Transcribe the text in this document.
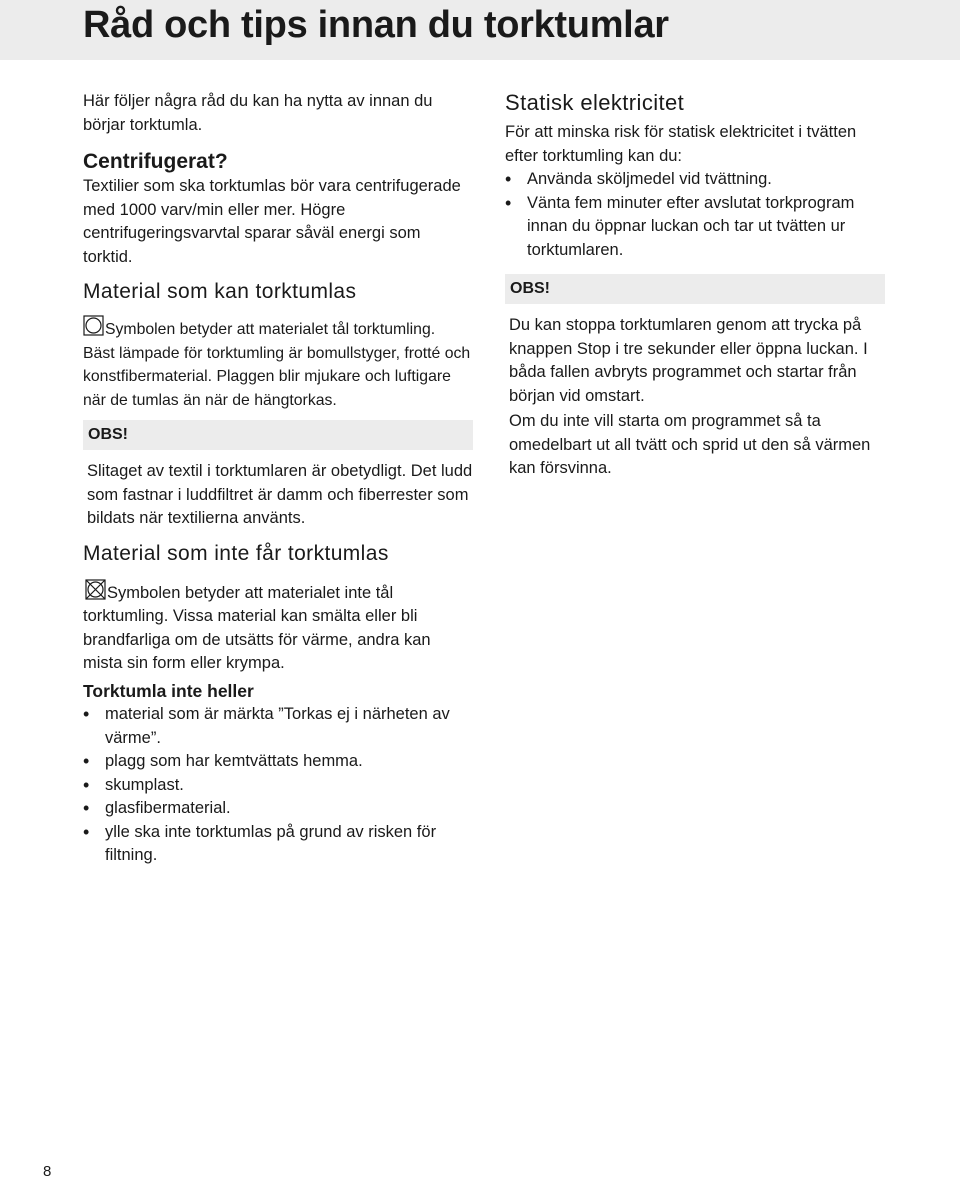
Råd och tips innan du torktumlar

Här följer några råd du kan ha nytta av innan du börjar torktumla.

Centrifugerat?

Textilier som ska torktumlas bör vara centrifugerade med 1000 varv/min eller mer. Högre centrifugeringsvarvtal sparar såväl energi som torktid.

Material som kan torktumlas

Symbolen betyder att materialet tål torktumling.

Bäst lämpade för torktumling är bomullstyger, frotté och konstfibermaterial. Plaggen blir mjukare och luftigare när de tumlas än när de hängtorkas.

OBS!

Slitaget av textil i torktumlaren är obetydligt. Det ludd som fastnar i luddfiltret är damm och fiberrester som bildats när textilierna använts.

Material som inte får torktumlas

Symbolen betyder att materialet inte tål torktumling. Vissa material kan smälta eller bli brandfarliga om de utsätts för värme, andra kan mista sin form eller krympa.

Torktumla inte heller

• material som är märkta ”Torkas ej i närheten av värme”.
• plagg som har kemtvättats hemma.
• skumplast.
• glasfibermaterial.
• ylle ska inte torktumlas på grund av risken för filtning.

Statisk elektricitet

För att minska risk för statisk elektricitet i tvätten efter torktumling kan du:

• Använda sköljmedel vid tvättning.
• Vänta fem minuter efter avslutat torkprogram innan du öppnar luckan och tar ut tvätten ur torktumlaren.
OBS!

Du kan stoppa torktumlaren genom att trycka på knappen Stop i tre sekunder eller öppna luckan. I båda fallen avbryts programmet och startar från början vid omstart.

Om du inte vill starta om programmet så ta omedelbart ut all tvätt och sprid ut den så värmen kan försvinna.

8
